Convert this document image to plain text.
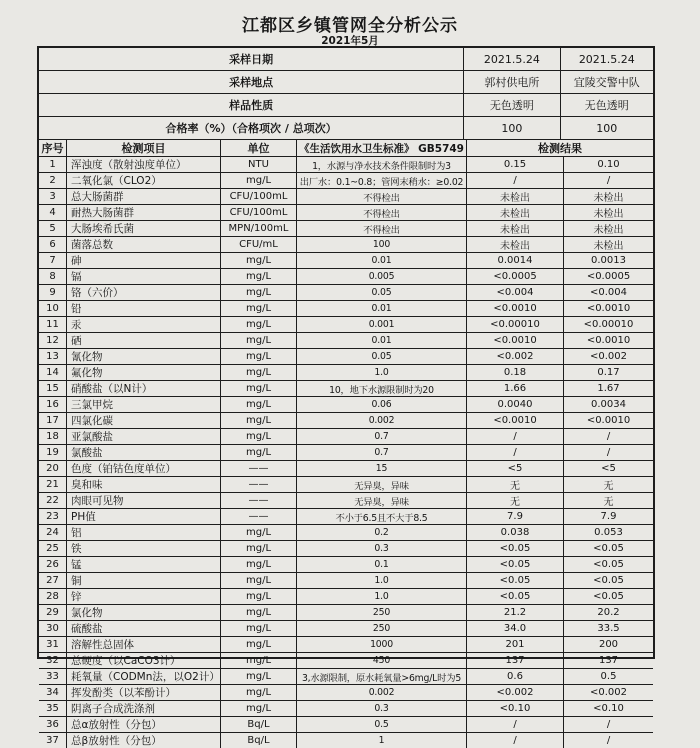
江都区乡镇管网全分析公示
2021年5月
采样日期	2021.5.24	2021.5.24
采样地点	郭村供电所	宜陵交警中队
样品性质	无色透明	无色透明
合格率（%）（合格项次 / 总项次）	100	100
序号	检测项目	单位	《生活饮用水卫生标准》 GB5749	检测结果
1	浑浊度（散射浊度单位）	NTU	1，水源与净水技术条件限制时为3	0.15	0.10
2	二氧化氯（CLO2）	mg/L	出厂水：0.1~0.8；管网末稍水：≥0.02	/	/
3	总大肠菌群	CFU/100mL	不得检出	未检出	未检出
4	耐热大肠菌群	CFU/100mL	不得检出	未检出	未检出
5	大肠埃希氏菌	MPN/100mL	不得检出	未检出	未检出
6	菌落总数	CFU/mL	100	未检出	未检出
7	砷	mg/L	0.01	0.0014	0.0013
8	镉	mg/L	0.005	<0.0005	<0.0005
9	铬（六价）	mg/L	0.05	<0.004	<0.004
10	铅	mg/L	0.01	<0.0010	<0.0010
11	汞	mg/L	0.001	<0.00010	<0.00010
12	硒	mg/L	0.01	<0.0010	<0.0010
13	氰化物	mg/L	0.05	<0.002	<0.002
14	氟化物	mg/L	1.0	0.18	0.17
15	硝酸盐（以N计）	mg/L	10，地下水源限制时为20	1.66	1.67
16	三氯甲烷	mg/L	0.06	0.0040	0.0034
17	四氯化碳	mg/L	0.002	<0.0010	<0.0010
18	亚氯酸盐	mg/L	0.7	/	/
19	氯酸盐	mg/L	0.7	/	/
20	色度（铂钴色度单位）	——	15	<5	<5
21	臭和味	——	无异臭，异味	无	无
22	肉眼可见物	——	无异臭，异味	无	无
23	PH值	——	不小于6.5且不大于8.5	7.9	7.9
24	铝	mg/L	0.2	0.038	0.053
25	铁	mg/L	0.3	<0.05	<0.05
26	锰	mg/L	0.1	<0.05	<0.05
27	铜	mg/L	1.0	<0.05	<0.05
28	锌	mg/L	1.0	<0.05	<0.05
29	氯化物	mg/L	250	21.2	20.2
30	硫酸盐	mg/L	250	34.0	33.5
31	溶解性总固体	mg/L	1000	201	200
32	总硬度（以CaCO3计）	mg/L	450	137	137
33	耗氧量（CODMn法，以O2计）	mg/L	3,水源限制，原水耗氧量>6mg/L时为5	0.6	0.5
34	挥发酚类（以苯酚计）	mg/L	0.002	<0.002	<0.002
35	阴离子合成洗涤剂	mg/L	0.3	<0.10	<0.10
36	总α放射性（分包）	Bq/L	0.5	/	/
37	总β放射性（分包）	Bq/L	1	/	/
